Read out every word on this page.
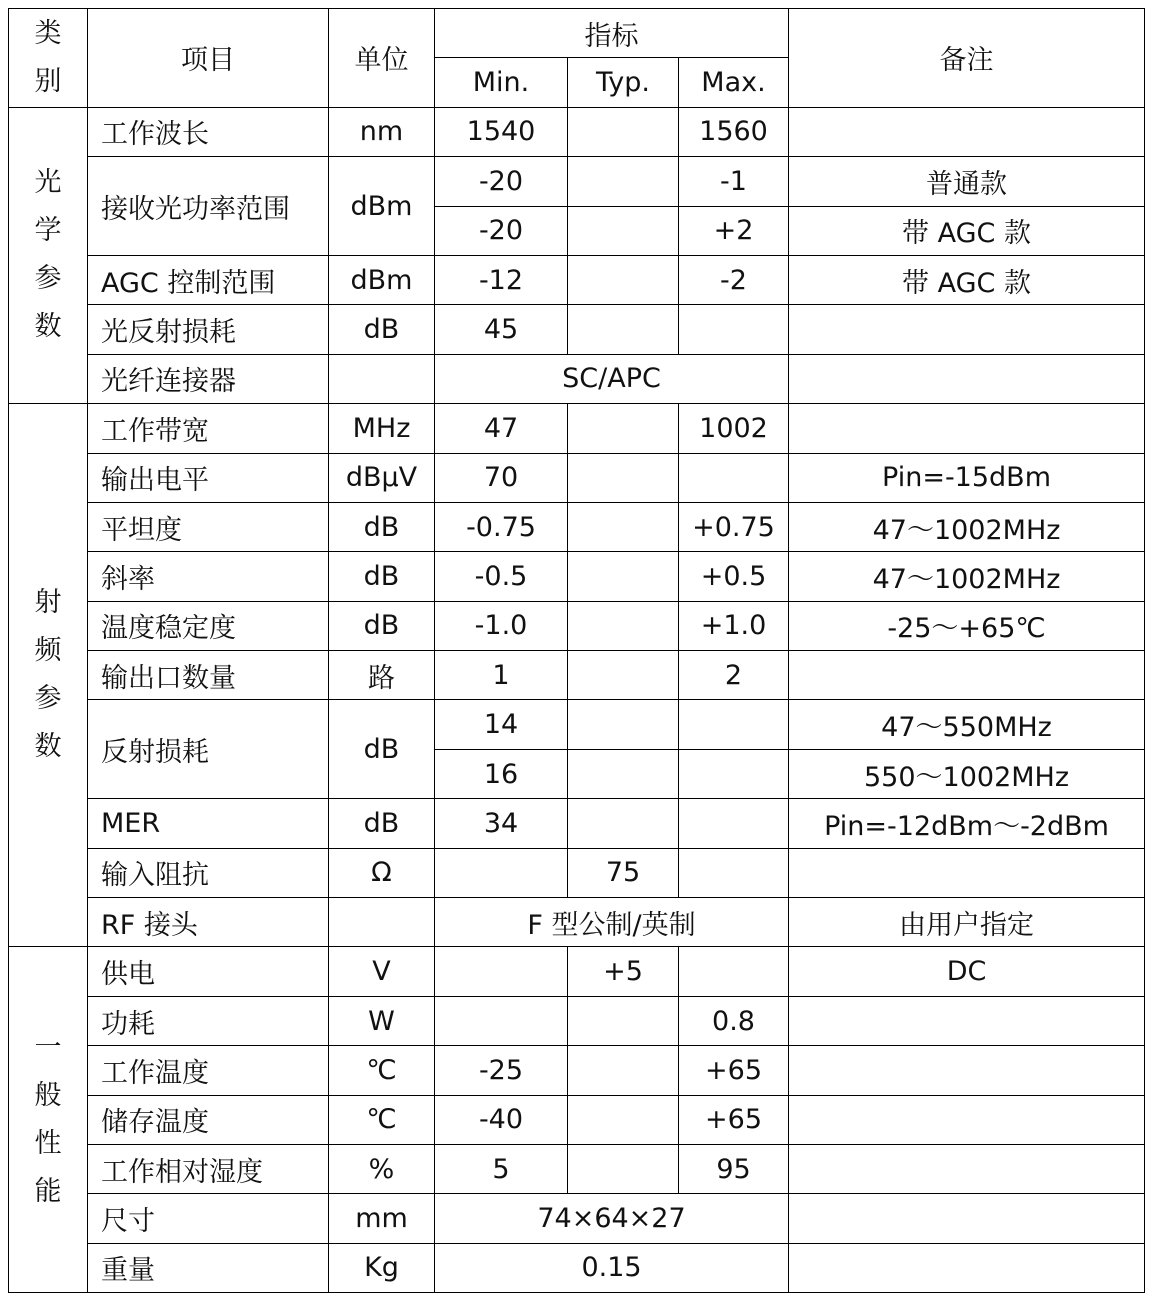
类
别	项目	单位	指标			备注
			Min.	Typ.	Max.	

光
学
参
数	工作波长	nm	1540		1560	
	接收光功率范围	dBm	-20		-1	普通款
			-20		+2	带 AGC 款
	AGC 控制范围	dBm	-12		-2	带 AGC 款
	光反射损耗	dB	45			
	光纤连接器		SC/APC			

射
频
参
数	工作带宽	MHz	47		1002	
	输出电平	dBμV	70			Pin=-15dBm
	平坦度	dB	-0.75		+0.75	47～1002MHz
	斜率	dB	-0.5		+0.5	47～1002MHz
	温度稳定度	dB	-1.0		+1.0	-25～+65℃
	输出口数量	路	1		2	
	反射损耗	dB	14			47～550MHz
			16			550～1002MHz
	MER	dB	34			Pin=-12dBm～-2dBm
	输入阻抗	Ω		75		
	RF 接头		F 型公制/英制			由用户指定

一
般
性
能	供电	V		+5		DC
	功耗	W			0.8	
	工作温度	℃	-25		+65	
	储存温度	℃	-40		+65	
	工作相对湿度	%	5		95	
	尺寸	mm	74×64×27			
	重量	Kg	0.15			
